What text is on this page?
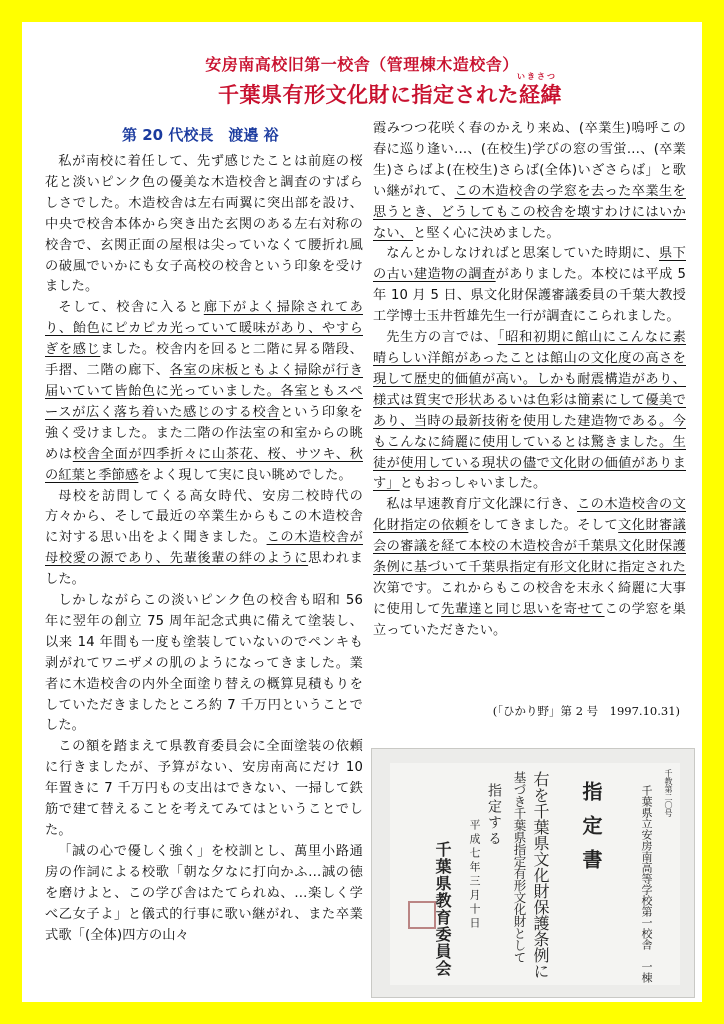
安房南高校旧第一校舎（管理棟木造校舎）
いきさつ
千葉県有形文化財に指定された経緯
第 20 代校長　渡邉 裕

私が南校に着任して、先ず感じたことは前庭の桜花と淡いピンク色の優美な木造校舎と調査のすばらしさでした。木造校舎は左右両翼に突出部を設け、中央で校舎本体から突き出た玄関のある左右対称の校舎で、玄関正面の屋根は尖っていなくて腰折れ風の破風でいかにも女子高校の校舎という印象を受けました。

そして、校舎に入ると廊下がよく掃除されてあり、飴色にピカピカ光っていて暖味があり、やすらぎを感じました。校舎内を回ると二階に昇る階段、手摺、二階の廊下、各室の床板ともよく掃除が行き届いていて皆飴色に光っていました。各室ともスペースが広く落ち着いた感じのする校舎という印象を強く受けました。また二階の作法室の和室からの眺めは校舎全面が四季折々に山茶花、桜、サツキ、秋の紅葉と季節感をよく現して実に良い眺めでした。

母校を訪問してくる高女時代、安房二校時代の方々から、そして最近の卒業生からもこの木造校舎に対する思い出をよく聞きました。この木造校舎が母校愛の源であり、先輩後輩の絆のように思われました。

しかしながらこの淡いピンク色の校舎も昭和 56 年に翌年の創立 75 周年記念式典に備えて塗装し、以来 14 年間も一度も塗装していないのでペンキも剥がれてワニザメの肌のようになってきました。業者に木造校舎の内外全面塗り替えの概算見積もりをしていただきましたところ約 7 千万円ということでした。

この額を踏まえて県教育委員会に全面塗装の依頼に行きましたが、予算がない、安房南高にだけ 10 年置きに 7 千万円もの支出はできない、一掃して鉄筋で建て替えることを考えてみてはということでした。

「誠の心で優しく強く」を校訓とし、萬里小路通房の作詞による校歌「朝な夕なに打向かふ…誠の徳を磨けよと、この学び舎はたてられぬ、…楽しく学べ乙女子よ」と儀式的行事に歌い継がれ、また卒業式歌「(全体)四方の山々

霞みつつ花咲く春のかえり来ぬ、(卒業生)嗚呼この春に巡り逢い…、(在校生)学びの窓の雪蛍…、(卒業生)さらばよ(在校生)さらば(全体)いざさらば」と歌い継がれて、この木造校舎の学窓を去った卒業生を思うとき、どうしてもこの校舎を壊すわけにはいかない、と堅く心に決めました。

なんとかしなければと思案していた時期に、県下の古い建造物の調査がありました。本校には平成 5 年 10 月 5 日、県文化財保護審議委員の千葉大教授工学博士玉井哲雄先生一行が調査にこられました。

先生方の言では、「昭和初期に館山にこんなに素晴らしい洋館があったことは館山の文化度の高さを現して歴史的価値が高い。しかも耐震構造があり、様式は質実で形状あるいは色彩は簡素にして優美であり、当時の最新技術を使用した建造物である。今もこんなに綺麗に使用しているとは驚きました。生徒が使用している現状の儘で文化財の価値があります」ともおっしゃいました。

私は早速教育庁文化課に行き、この木造校舎の文化財指定の依頼をしてきました。そして文化財審議会の審議を経て本校の木造校舎が千葉県文化財保護条例に基づいて千葉県指定有形文化財に指定された次第です。これからもこの校舎を末永く綺麗に大事に使用して先輩達と同じ思いを寄せてこの学窓を巣立っていただきたい。

(「ひかり野」第 2 号　1997.10.31)
千教第二〇号
千葉県立安房南高等学校第一校舎　一棟
指定書
右を千葉県文化財保護条例に
基づき千葉県指定有形文化財として
指定する
平成七年三月十日
千葉県教育委員会
